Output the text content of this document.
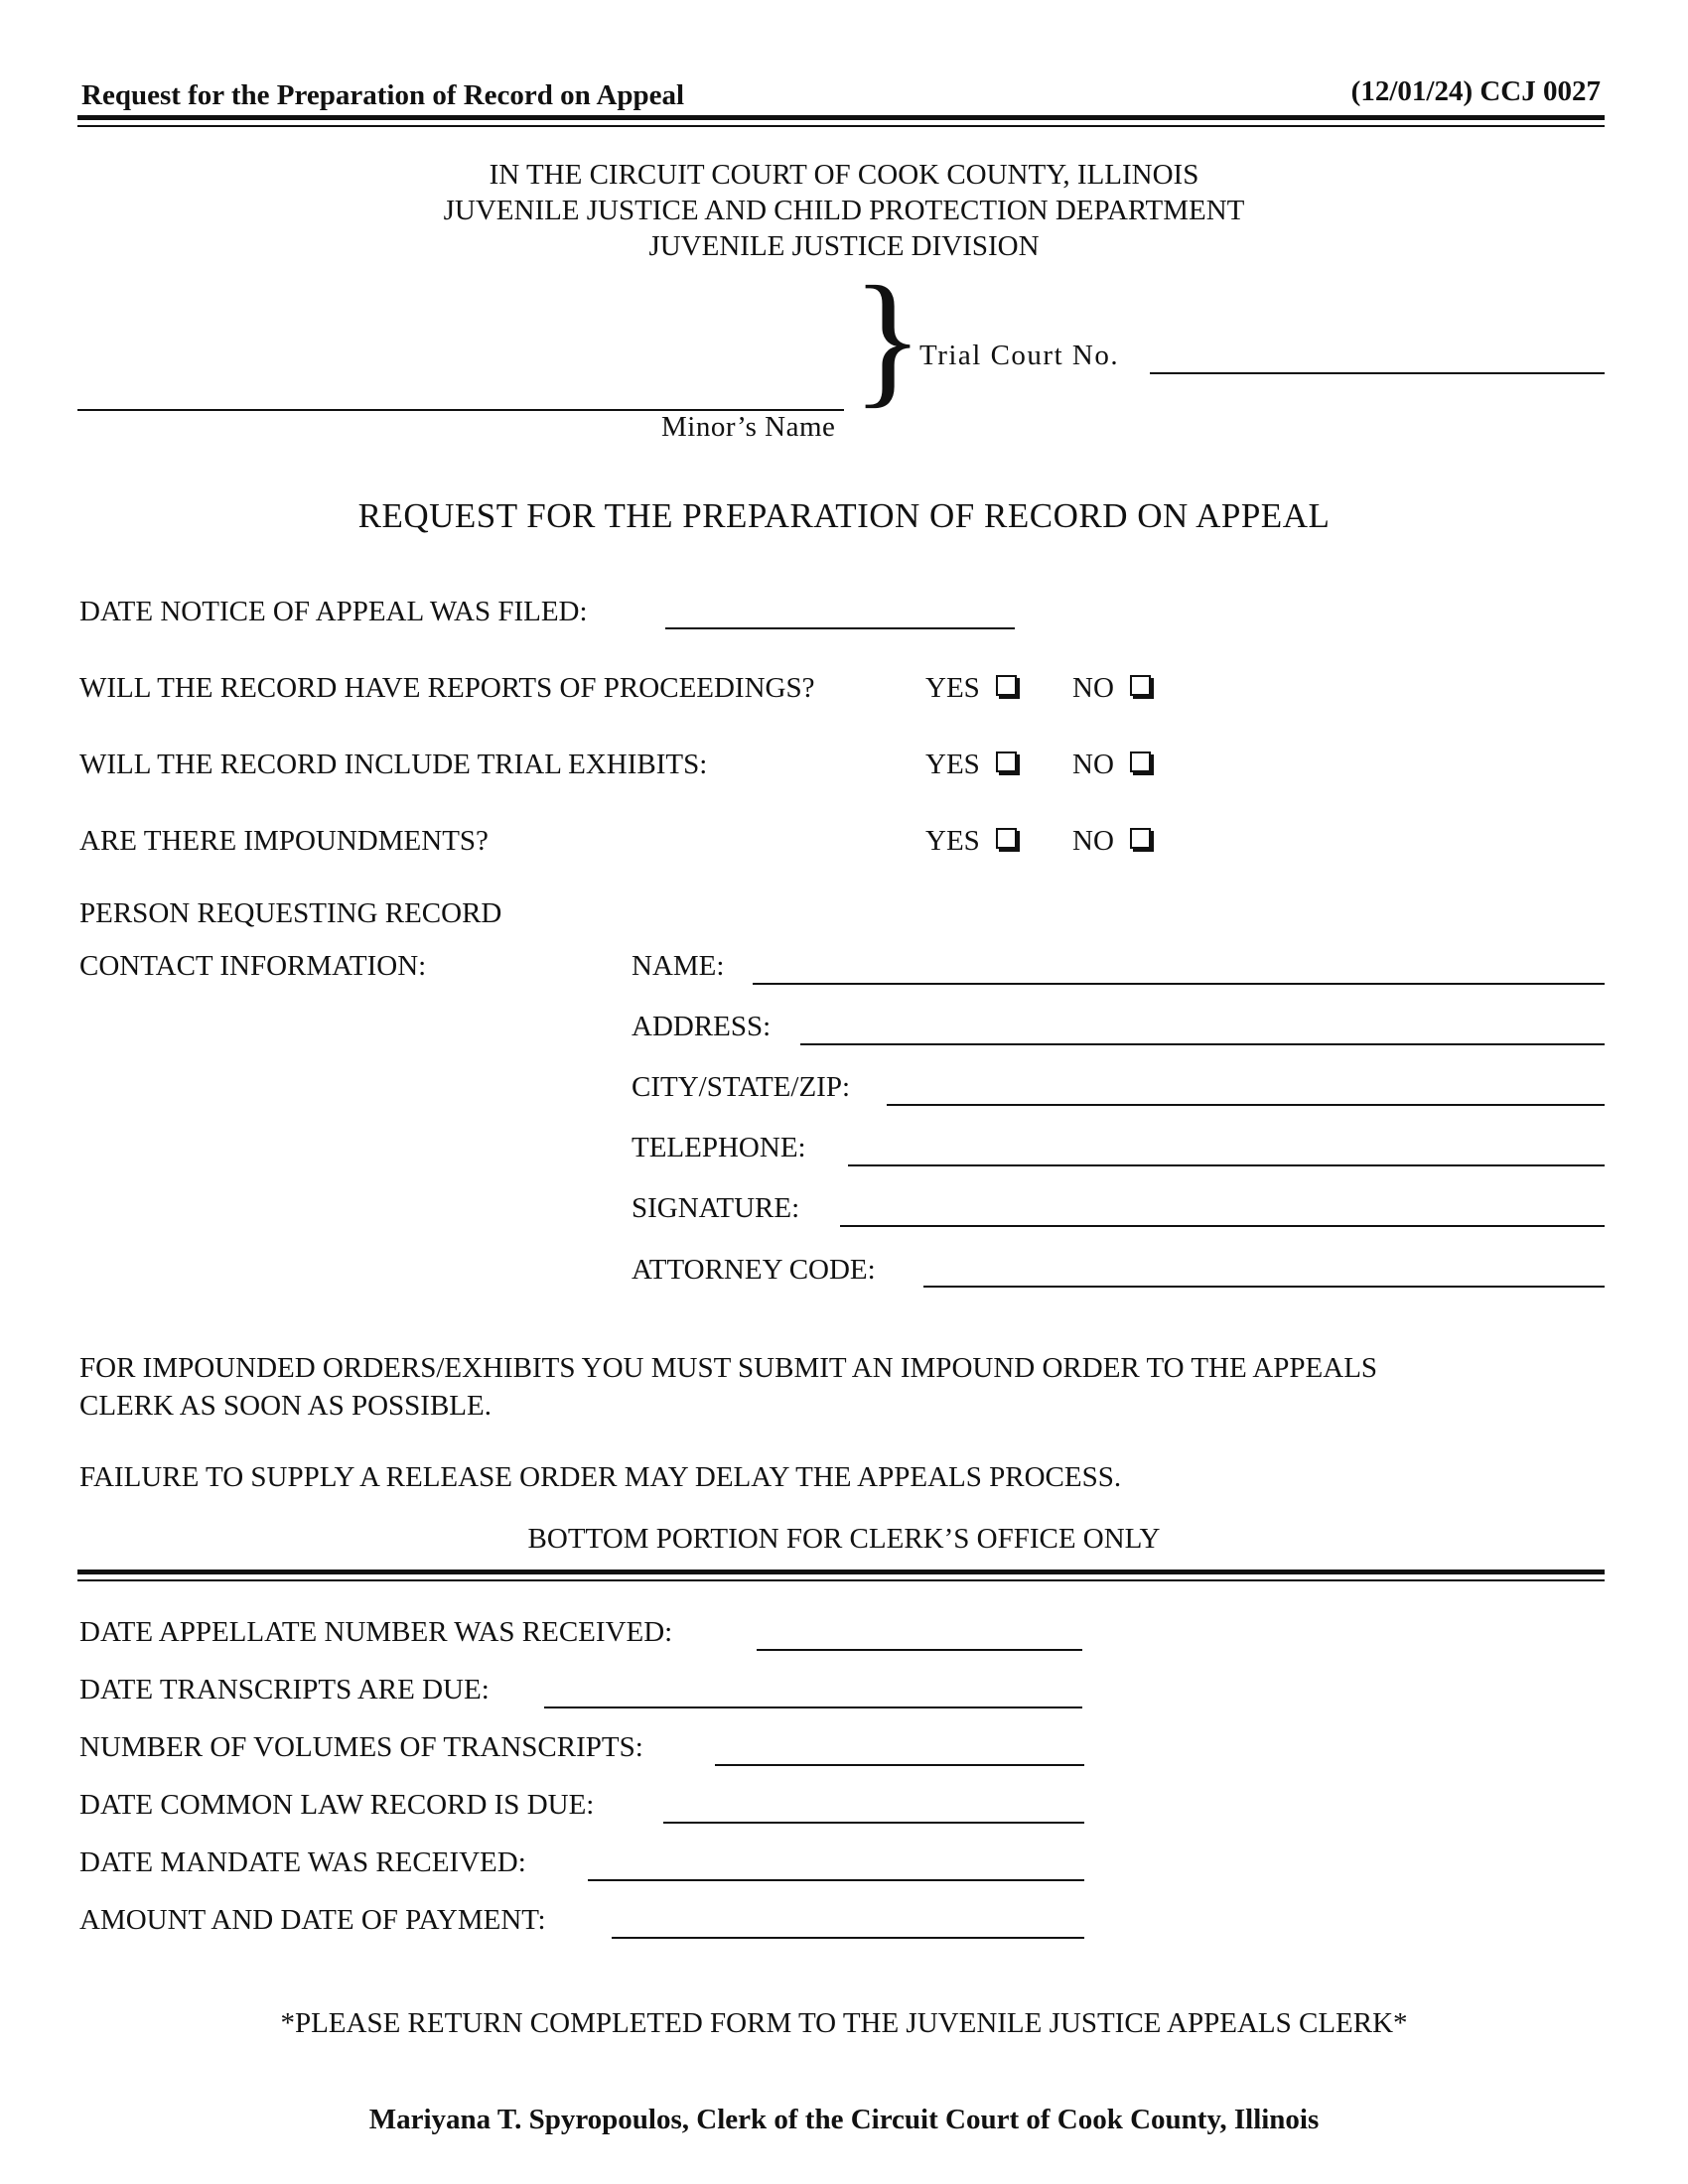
Request for the Preparation of Record on Appeal	(12/01/24) CCJ 0027
IN THE CIRCUIT COURT OF COOK COUNTY, ILLINOIS
JUVENILE JUSTICE AND CHILD PROTECTION DEPARTMENT
JUVENILE JUSTICE DIVISION
Minor’s Name
}
Trial Court No.
REQUEST FOR THE PREPARATION OF RECORD ON APPEAL
DATE NOTICE OF APPEAL WAS FILED:
WILL THE RECORD HAVE REPORTS OF PROCEEDINGS?	YES	NO
WILL THE RECORD INCLUDE TRIAL EXHIBITS:	YES	NO
ARE THERE IMPOUNDMENTS?	YES	NO
PERSON REQUESTING RECORD
CONTACT INFORMATION:	NAME:
ADDRESS:
CITY/STATE/ZIP:
TELEPHONE:
SIGNATURE:
ATTORNEY CODE:
FOR IMPOUNDED ORDERS/EXHIBITS YOU MUST SUBMIT AN IMPOUND ORDER TO THE APPEALS
CLERK AS SOON AS POSSIBLE.
FAILURE TO SUPPLY A RELEASE ORDER MAY DELAY THE APPEALS PROCESS.
BOTTOM PORTION FOR CLERK’S OFFICE ONLY
DATE APPELLATE NUMBER WAS RECEIVED:
DATE TRANSCRIPTS ARE DUE:
NUMBER OF VOLUMES OF TRANSCRIPTS:
DATE COMMON LAW RECORD IS DUE:
DATE MANDATE WAS RECEIVED:
AMOUNT AND DATE OF PAYMENT:
*PLEASE RETURN COMPLETED FORM TO THE JUVENILE JUSTICE APPEALS CLERK*
Mariyana T. Spyropoulos, Clerk of the Circuit Court of Cook County, Illinois
